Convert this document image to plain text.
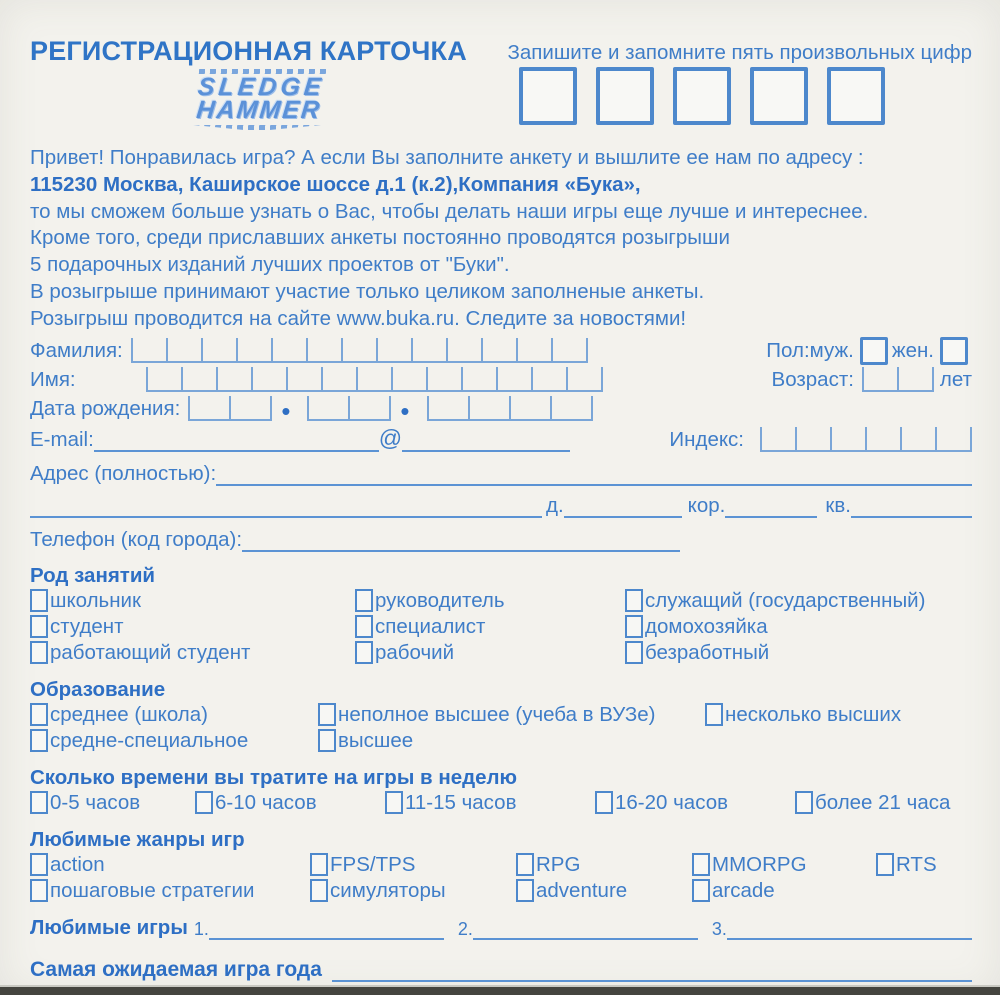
РЕГИСТРАЦИОННАЯ КАРТОЧКА Запишите и запомните пять произвольных цифр
SLEDGE
HAMMER
Привет! Понравилась игра? А если Вы заполните анкету и вышлите ее нам по адресу :
115230 Москва, Каширское шоссе д.1 (к.2),Компания «Бука»,
то мы сможем больше узнать о Вас, чтобы делать наши игры еще лучше и интереснее.
Кроме того, среди приславших анкеты постоянно проводятся розыгрыши
5 подарочных изданий лучших проектов от "Буки".
В розыгрыше принимают участие только целиком заполненые анкеты.
Розыгрыш проводится на сайте www.buka.ru. Следите за новостями!
Фамилия:	Пол: муж. жен.
Имя:	Возраст:	лет
Дата рождения:	•	•
E-mail:	@	Индекс:
Адрес (полностью):
д.	кор.	кв.
Телефон (код города):
Род занятий
школьник	руководитель	служащий (государственный)
студент	специалист	домохозяйка
работающий студент	рабочий	безработный
Образование
среднее (школа)	неполное высшее (учеба в ВУЗе)	несколько высших
средне-специальное	высшее
Сколько времени вы тратите на игры в неделю
0-5 часов	6-10 часов	11-15 часов	16-20 часов	более 21 часа
Любимые жанры игр
action	FPS/TPS	RPG	MMORPG	RTS
пошаговые стратегии	симуляторы	adventure	arcade
Любимые игры 1.	2.	3.
Самая ожидаемая игра года
